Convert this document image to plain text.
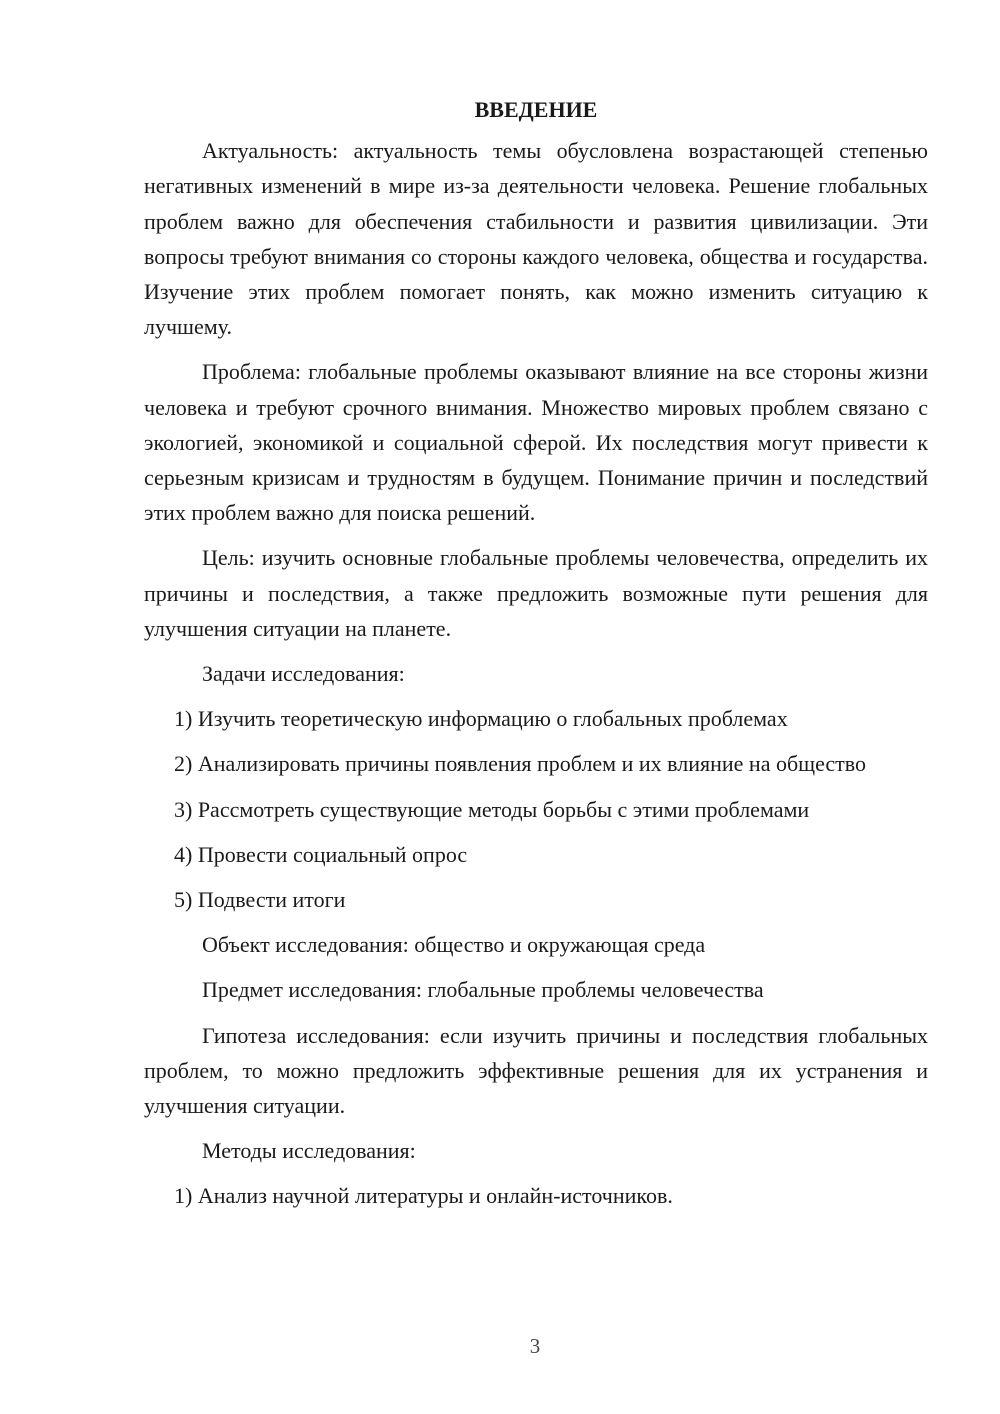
ВВЕДЕНИЕ

Актуальность: актуальность темы обусловлена возрастающей степенью негативных изменений в мире из-за деятельности человека. Решение глобальных проблем важно для обеспечения стабильности и развития цивилизации. Эти вопросы требуют внимания со стороны каждого человека, общества и государства. Изучение этих проблем помогает понять, как можно изменить ситуацию к лучшему.

Проблема: глобальные проблемы оказывают влияние на все стороны жизни человека и требуют срочного внимания. Множество мировых проблем связано с экологией, экономикой и социальной сферой. Их последствия могут привести к серьезным кризисам и трудностям в будущем. Понимание причин и последствий этих проблем важно для поиска решений.

Цель: изучить основные глобальные проблемы человечества, определить их причины и последствия, а также предложить возможные пути решения для улучшения ситуации на планете.

Задачи исследования:

1) Изучить теоретическую информацию о глобальных проблемах

2) Анализировать причины появления проблем и их влияние на общество

3) Рассмотреть существующие методы борьбы с этими проблемами

4) Провести социальный опрос

5) Подвести итоги

Объект исследования: общество и окружающая среда

Предмет исследования: глобальные проблемы человечества

Гипотеза исследования: если изучить причины и последствия глобальных проблем, то можно предложить эффективные решения для их устранения и улучшения ситуации.

Методы исследования:

1) Анализ научной литературы и онлайн-источников.

3
